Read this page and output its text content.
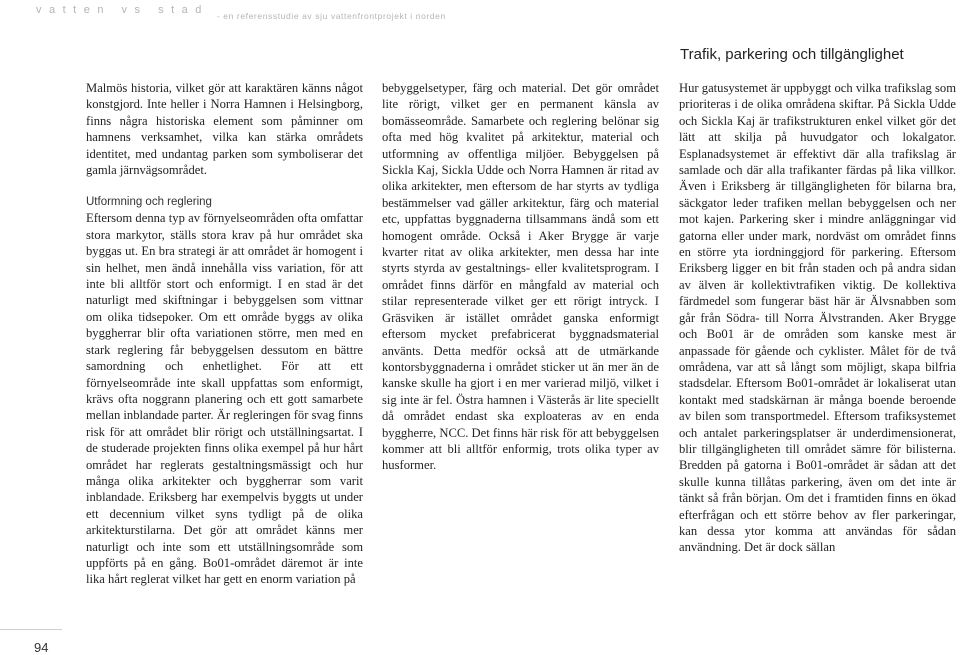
vatten vs stad $_{- en referensstudie av sju vattenfrontprojekt i norden}$
Trafik, parkering och tillgänglighet

Malmös historia, vilket gör att karaktären känns något konstgjord. Inte heller i Norra Hamnen i Helsingborg, finns några historiska element som påminner om hamnens verksamhet, vilka kan stärka områdets identitet, med undantag parken som symboliserar det gamla järnvägsområdet.

Utformning och reglering

Eftersom denna typ av förnyelseområden ofta omfattar stora markytor, ställs stora krav på hur området ska byggas ut. En bra strategi är att området är homogent i sin helhet, men ändå innehålla viss variation, för att inte bli alltför stort och enformigt. I en stad är det naturligt med skiftningar i bebyggelsen som vittnar om olika tidsepoker. Om ett område byggs av olika byggherrar blir ofta variationen större, men med en stark reglering får bebyggelsen dessutom en bättre samordning och enhetlighet. För att ett förnyelseområde inte skall uppfattas som enformigt, krävs ofta noggrann planering och ett gott samarbete mellan inblandade parter. Är regleringen för svag finns risk för att området blir rörigt och utställningsartat. I de studerade projekten finns olika exempel på hur hårt området har reglerats gestaltningsmässigt och hur många olika arkitekter och byggherrar som varit inblandade. Eriksberg har exempelvis byggts ut under ett decennium vilket syns tydligt på de olika arkitekturstilarna. Det gör att området känns mer naturligt och inte som ett utställningsområde som uppförts på en gång. Bo01-området däremot är inte lika hårt reglerat vilket har gett en enorm variation på

bebyggelsetyper, färg och material. Det gör området lite rörigt, vilket ger en permanent känsla av bomässeområde. Samarbete och reglering belönar sig ofta med hög kvalitet på arkitektur, material och utformning av offentliga miljöer. Bebyggelsen på Sickla Kaj, Sickla Udde och Norra Hamnen är ritad av olika arkitekter, men eftersom de har styrts av tydliga bestämmelser vad gäller arkitektur, färg och material etc, uppfattas byggnaderna tillsammans ändå som ett homogent område. Också i Aker Brygge är varje kvarter ritat av olika arkitekter, men dessa har inte styrts styrda av gestaltnings- eller kvalitetsprogram. I området finns därför en mångfald av material och stilar representerade vilket ger ett rörigt intryck. I Gräsviken är istället området ganska enformigt eftersom mycket prefabricerat byggnadsmaterial använts. Detta medför också att de utmärkande kontorsbyggnaderna i området sticker ut än mer än de kanske skulle ha gjort i en mer varierad miljö, vilket i sig inte är fel. Östra hamnen i Västerås är lite speciellt då området endast ska exploateras av en enda byggherre, NCC. Det finns här risk för att bebyggelsen kommer att bli alltför enformig, trots olika typer av husformer.

Hur gatusystemet är uppbyggt och vilka trafikslag som prioriteras i de olika områdena skiftar. På Sickla Udde och Sickla Kaj är trafikstrukturen enkel vilket gör det lätt att skilja på huvudgator och lokalgator. Esplanadsystemet är effektivt där alla trafikslag är samlade och där alla trafikanter färdas på lika villkor. Även i Eriksberg är tillgängligheten för bilarna bra, säckgator leder trafiken mellan bebyggelsen och ner mot kajen. Parkering sker i mindre anläggningar vid gatorna eller under mark, nordväst om området finns en större yta iordninggjord för parkering. Eftersom Eriksberg ligger en bit från staden och på andra sidan av älven är kollektivtrafiken viktig. De kollektiva färdmedel som fungerar bäst här är Älvsnabben som går från Södra- till Norra Älvstranden. Aker Brygge och Bo01 är de områden som kanske mest är anpassade för gående och cyklister. Målet för de två områdena, var att så långt som möjligt, skapa bilfria stadsdelar. Eftersom Bo01-området är lokaliserat utan kontakt med stadskärnan är många boende beroende av bilen som transportmedel. Eftersom trafiksystemet och antalet parkeringsplatser är underdimensionerat, blir tillgängligheten till området sämre för bilisterna. Bredden på gatorna i Bo01-området är sådan att det skulle kunna tillåtas parkering, även om det inte är tänkt så från början. Om det i framtiden finns en ökad efterfrågan och ett större behov av fler parkeringar, kan dessa ytor komma att användas för sådan användning. Det är dock sällan

94
